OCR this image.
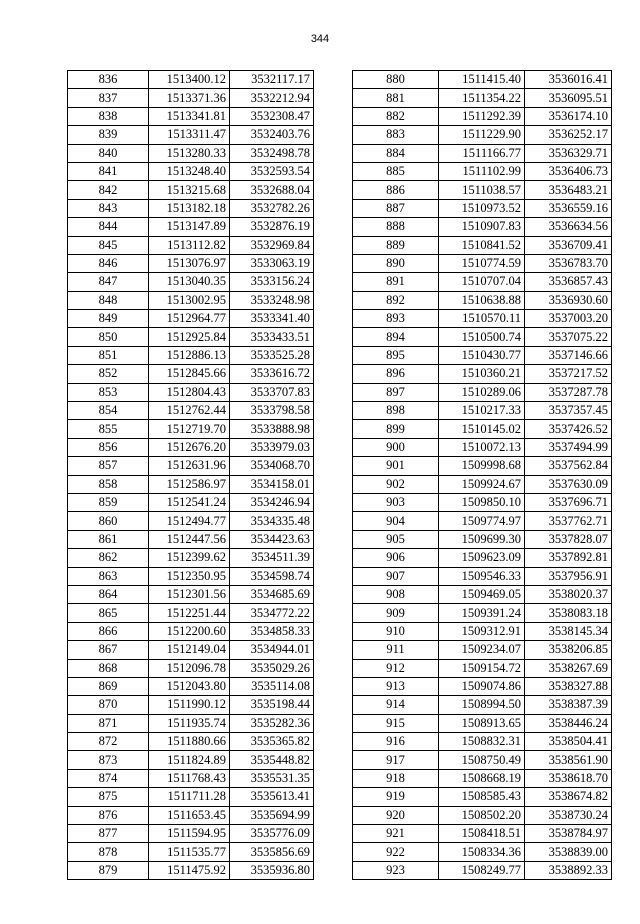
344
836	1513400.12	3532117.17
837	1513371.36	3532212.94
838	1513341.81	3532308.47
839	1513311.47	3532403.76
840	1513280.33	3532498.78
841	1513248.40	3532593.54
842	1513215.68	3532688.04
843	1513182.18	3532782.26
844	1513147.89	3532876.19
845	1513112.82	3532969.84
846	1513076.97	3533063.19
847	1513040.35	3533156.24
848	1513002.95	3533248.98
849	1512964.77	3533341.40
850	1512925.84	3533433.51
851	1512886.13	3533525.28
852	1512845.66	3533616.72
853	1512804.43	3533707.83
854	1512762.44	3533798.58
855	1512719.70	3533888.98
856	1512676.20	3533979.03
857	1512631.96	3534068.70
858	1512586.97	3534158.01
859	1512541.24	3534246.94
860	1512494.77	3534335.48
861	1512447.56	3534423.63
862	1512399.62	3534511.39
863	1512350.95	3534598.74
864	1512301.56	3534685.69
865	1512251.44	3534772.22
866	1512200.60	3534858.33
867	1512149.04	3534944.01
868	1512096.78	3535029.26
869	1512043.80	3535114.08
870	1511990.12	3535198.44
871	1511935.74	3535282.36
872	1511880.66	3535365.82
873	1511824.89	3535448.82
874	1511768.43	3535531.35
875	1511711.28	3535613.41
876	1511653.45	3535694.99
877	1511594.95	3535776.09
878	1511535.77	3535856.69
879	1511475.92	3535936.80
880	1511415.40	3536016.41
881	1511354.22	3536095.51
882	1511292.39	3536174.10
883	1511229.90	3536252.17
884	1511166.77	3536329.71
885	1511102.99	3536406.73
886	1511038.57	3536483.21
887	1510973.52	3536559.16
888	1510907.83	3536634.56
889	1510841.52	3536709.41
890	1510774.59	3536783.70
891	1510707.04	3536857.43
892	1510638.88	3536930.60
893	1510570.11	3537003.20
894	1510500.74	3537075.22
895	1510430.77	3537146.66
896	1510360.21	3537217.52
897	1510289.06	3537287.78
898	1510217.33	3537357.45
899	1510145.02	3537426.52
900	1510072.13	3537494.99
901	1509998.68	3537562.84
902	1509924.67	3537630.09
903	1509850.10	3537696.71
904	1509774.97	3537762.71
905	1509699.30	3537828.07
906	1509623.09	3537892.81
907	1509546.33	3537956.91
908	1509469.05	3538020.37
909	1509391.24	3538083.18
910	1509312.91	3538145.34
911	1509234.07	3538206.85
912	1509154.72	3538267.69
913	1509074.86	3538327.88
914	1508994.50	3538387.39
915	1508913.65	3538446.24
916	1508832.31	3538504.41
917	1508750.49	3538561.90
918	1508668.19	3538618.70
919	1508585.43	3538674.82
920	1508502.20	3538730.24
921	1508418.51	3538784.97
922	1508334.36	3538839.00
923	1508249.77	3538892.33
